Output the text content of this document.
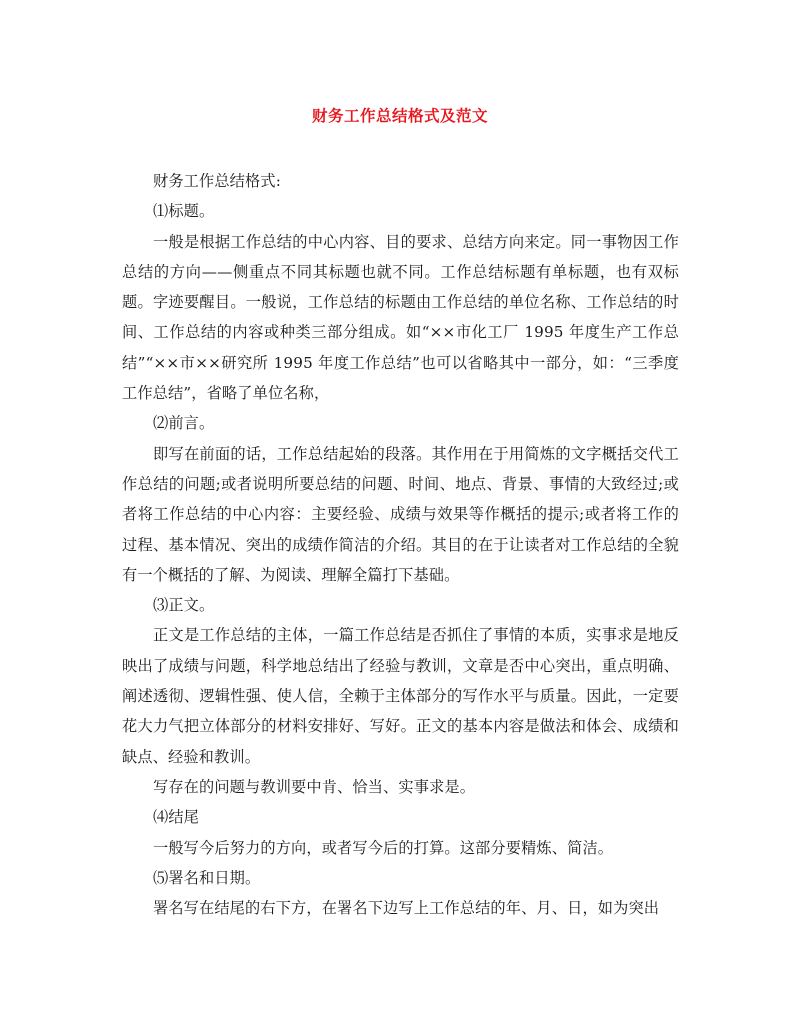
财务工作总结格式及范文

财务工作总结格式:

⑴标题。

一般是根据工作总结的中心内容、目的要求、总结方向来定。同一事物因工作总结的方向——侧重点不同其标题也就不同。工作总结标题有单标题，也有双标题。字迹要醒目。一般说，工作总结的标题由工作总结的单位名称、工作总结的时间、工作总结的内容或种类三部分组成。如“××市化工厂 1995 年度生产工作总结”“××市××研究所 1995 年度工作总结”也可以省略其中一部分，如：“三季度工作总结”，省略了单位名称，

⑵前言。

即写在前面的话，工作总结起始的段落。其作用在于用简炼的文字概括交代工作总结的问题;或者说明所要总结的问题、时间、地点、背景、事情的大致经过;或者将工作总结的中心内容：主要经验、成绩与效果等作概括的提示;或者将工作的过程、基本情况、突出的成绩作简洁的介绍。其目的在于让读者对工作总结的全貌有一个概括的了解、为阅读、理解全篇打下基础。

⑶正文。

正文是工作总结的主体，一篇工作总结是否抓住了事情的本质，实事求是地反映出了成绩与问题，科学地总结出了经验与教训，文章是否中心突出，重点明确、阐述透彻、逻辑性强、使人信，全赖于主体部分的写作水平与质量。因此，一定要花大力气把立体部分的材料安排好、写好。正文的基本内容是做法和体会、成绩和缺点、经验和教训。

写存在的问题与教训要中肯、恰当、实事求是。

⑷结尾

一般写今后努力的方向，或者写今后的打算。这部分要精炼、简洁。

⑸署名和日期。

署名写在结尾的右下方，在署名下边写上工作总结的年、月、日，如为突出
